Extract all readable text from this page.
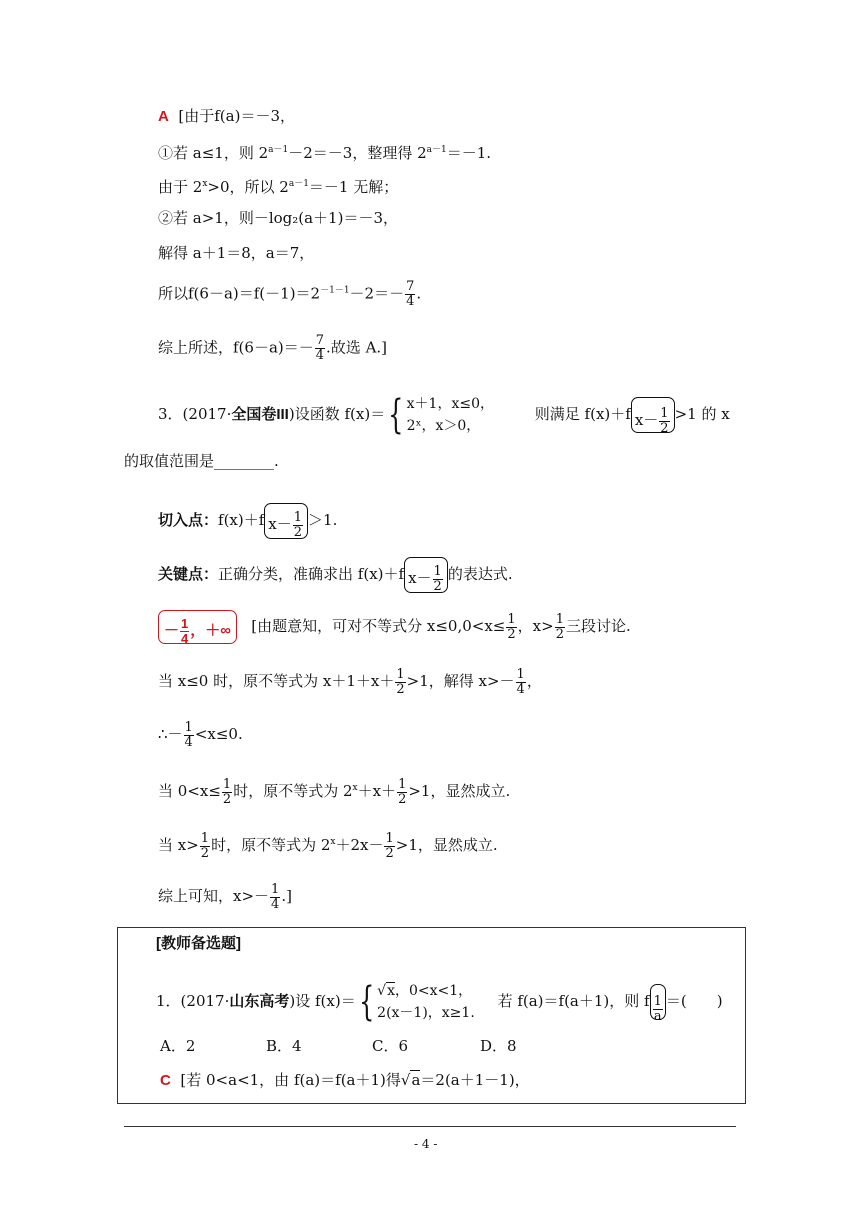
A [由于f(a)＝－3，
①若 a≤1，则 $2^{a-1}-2=-3$，整理得 $2^{a-1}=-1$.
由于 $2^x>0$，所以 $2^{a-1}=-1$ 无解；
②若 a>1，则－log₂(a＋1)＝－3，
解得 a＋1＝8，a＝7，
所以$f(6-a)=f(-1)=2^{-1-1}-2=- \frac{7}{4}$ .
综上所述，$f(6-a)=- \frac{7}{4}$ .故选 A.]
3．(2017·全国卷III)设函数 f(x)＝{ x＋1，x≤0，
2ˣ，x＞0，
则满足 f(x)＋f $x- \frac{1}{2} >1$ 的 x
的取值范围是________.
切入点：f(x)＋f $x- \frac{1}{2} >1$.
关键点：正确分类，准确求出 f(x)＋f $x- \frac{1}{2}$ 的表达式.
－ $\frac{1}{4}$ ，＋∞ [由题意知，可对不等式分 $x\le 0,0<x\le \frac{1}{2}$ ，$x> \frac{1}{2}$ 三段讨论.
当 x≤0 时，原不等式为 $x+1+x+ \frac{1}{2} >1$，解得 $x>- \frac{1}{4}$ ，
∴－ $\frac{1}{4} <x\le 0$.
当 $0<x\le \frac{1}{2}$ 时，原不等式为 $2^x+x+ \frac{1}{2} >1$，显然成立.
当 $x> \frac{1}{2}$ 时，原不等式为 $2^x+2x- \frac{1}{2} >1$，显然成立.
综上可知，$x>- \frac{1}{4}$ .]
[教师备选题]
1．(2017·山东高考)设 f(x)＝{ √x，0<x<1，
2(x－1)，x≥1.
若 f(a)＝f(a＋1)，则 f $\frac{1}{a}$ ＝(　　)
A．2	B．4	C．6	D．8
C [若 0<a<1，由 f(a)＝f(a＋1)得√a＝2(a＋1－1)，
- 4 -
